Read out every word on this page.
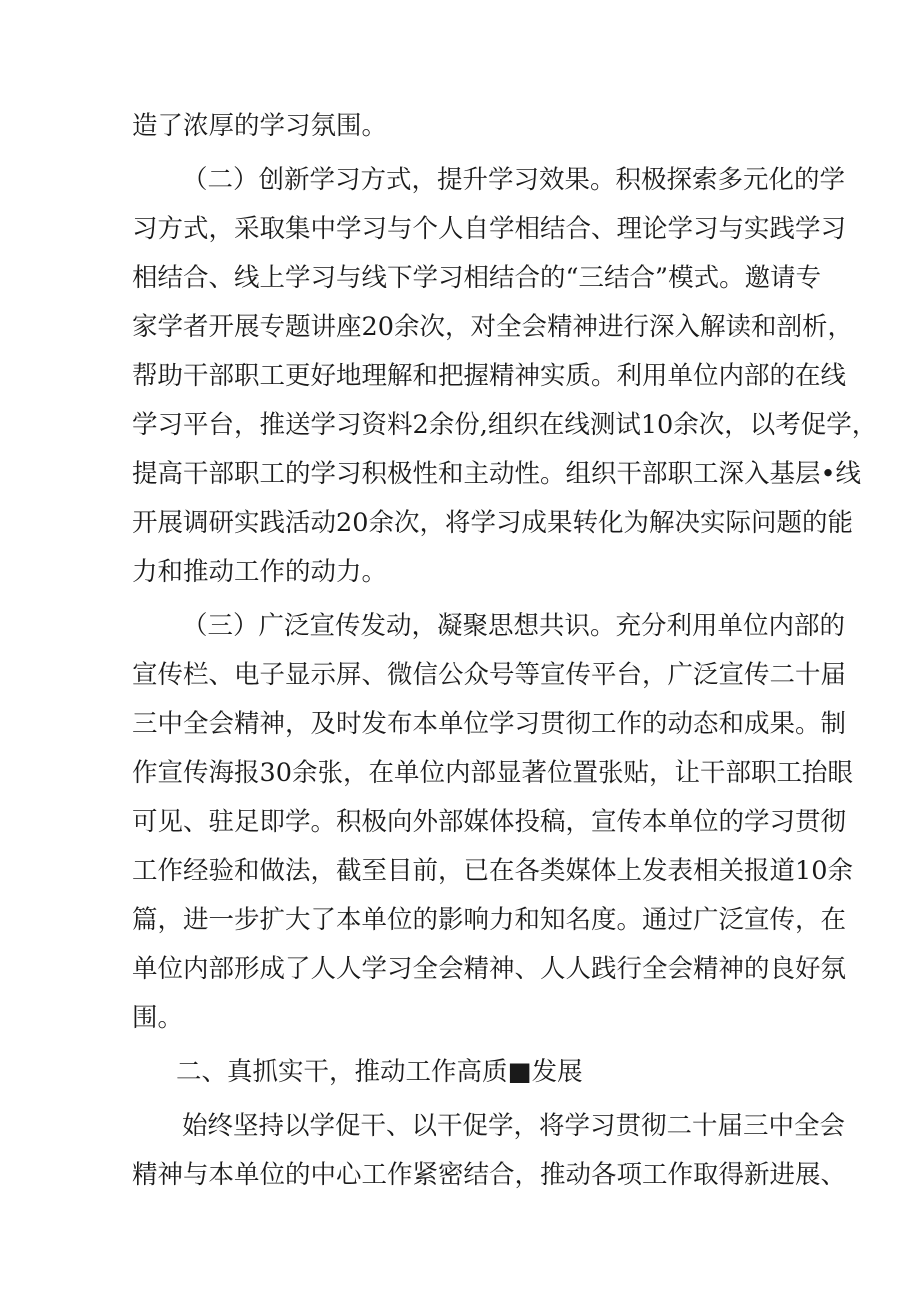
造了浓厚的学习氛围。
（二）创新学习方式，提升学习效果。积极探索多元化的学
习方式，采取集中学习与个人自学相结合、理论学习与实践学习
相结合、线上学习与线下学习相结合的“三结合”模式。邀请专
家学者开展专题讲座20余次，对全会精神进行深入解读和剖析，
帮助干部职工更好地理解和把握精神实质。利用单位内部的在线
学习平台，推送学习资料2余份,组织在线测试10余次，以考促学，
提高干部职工的学习积极性和主动性。组织干部职工深入基层•线
开展调研实践活动20余次，将学习成果转化为解决实际问题的能
力和推动工作的动力。
（三）广泛宣传发动，凝聚思想共识。充分利用单位内部的
宣传栏、电子显示屏、微信公众号等宣传平台，广泛宣传二十届
三中全会精神，及时发布本单位学习贯彻工作的动态和成果。制
作宣传海报30余张，在单位内部显著位置张贴，让干部职工抬眼
可见、驻足即学。积极向外部媒体投稿，宣传本单位的学习贯彻
工作经验和做法，截至目前，已在各类媒体上发表相关报道10余
篇，进一步扩大了本单位的影响力和知名度。通过广泛宣传，在
单位内部形成了人人学习全会精神、人人践行全会精神的良好氛
围。
二、真抓实干，推动工作高质■发展
始终坚持以学促干、以干促学，将学习贯彻二十届三中全会
精神与本单位的中心工作紧密结合，推动各项工作取得新进展、
